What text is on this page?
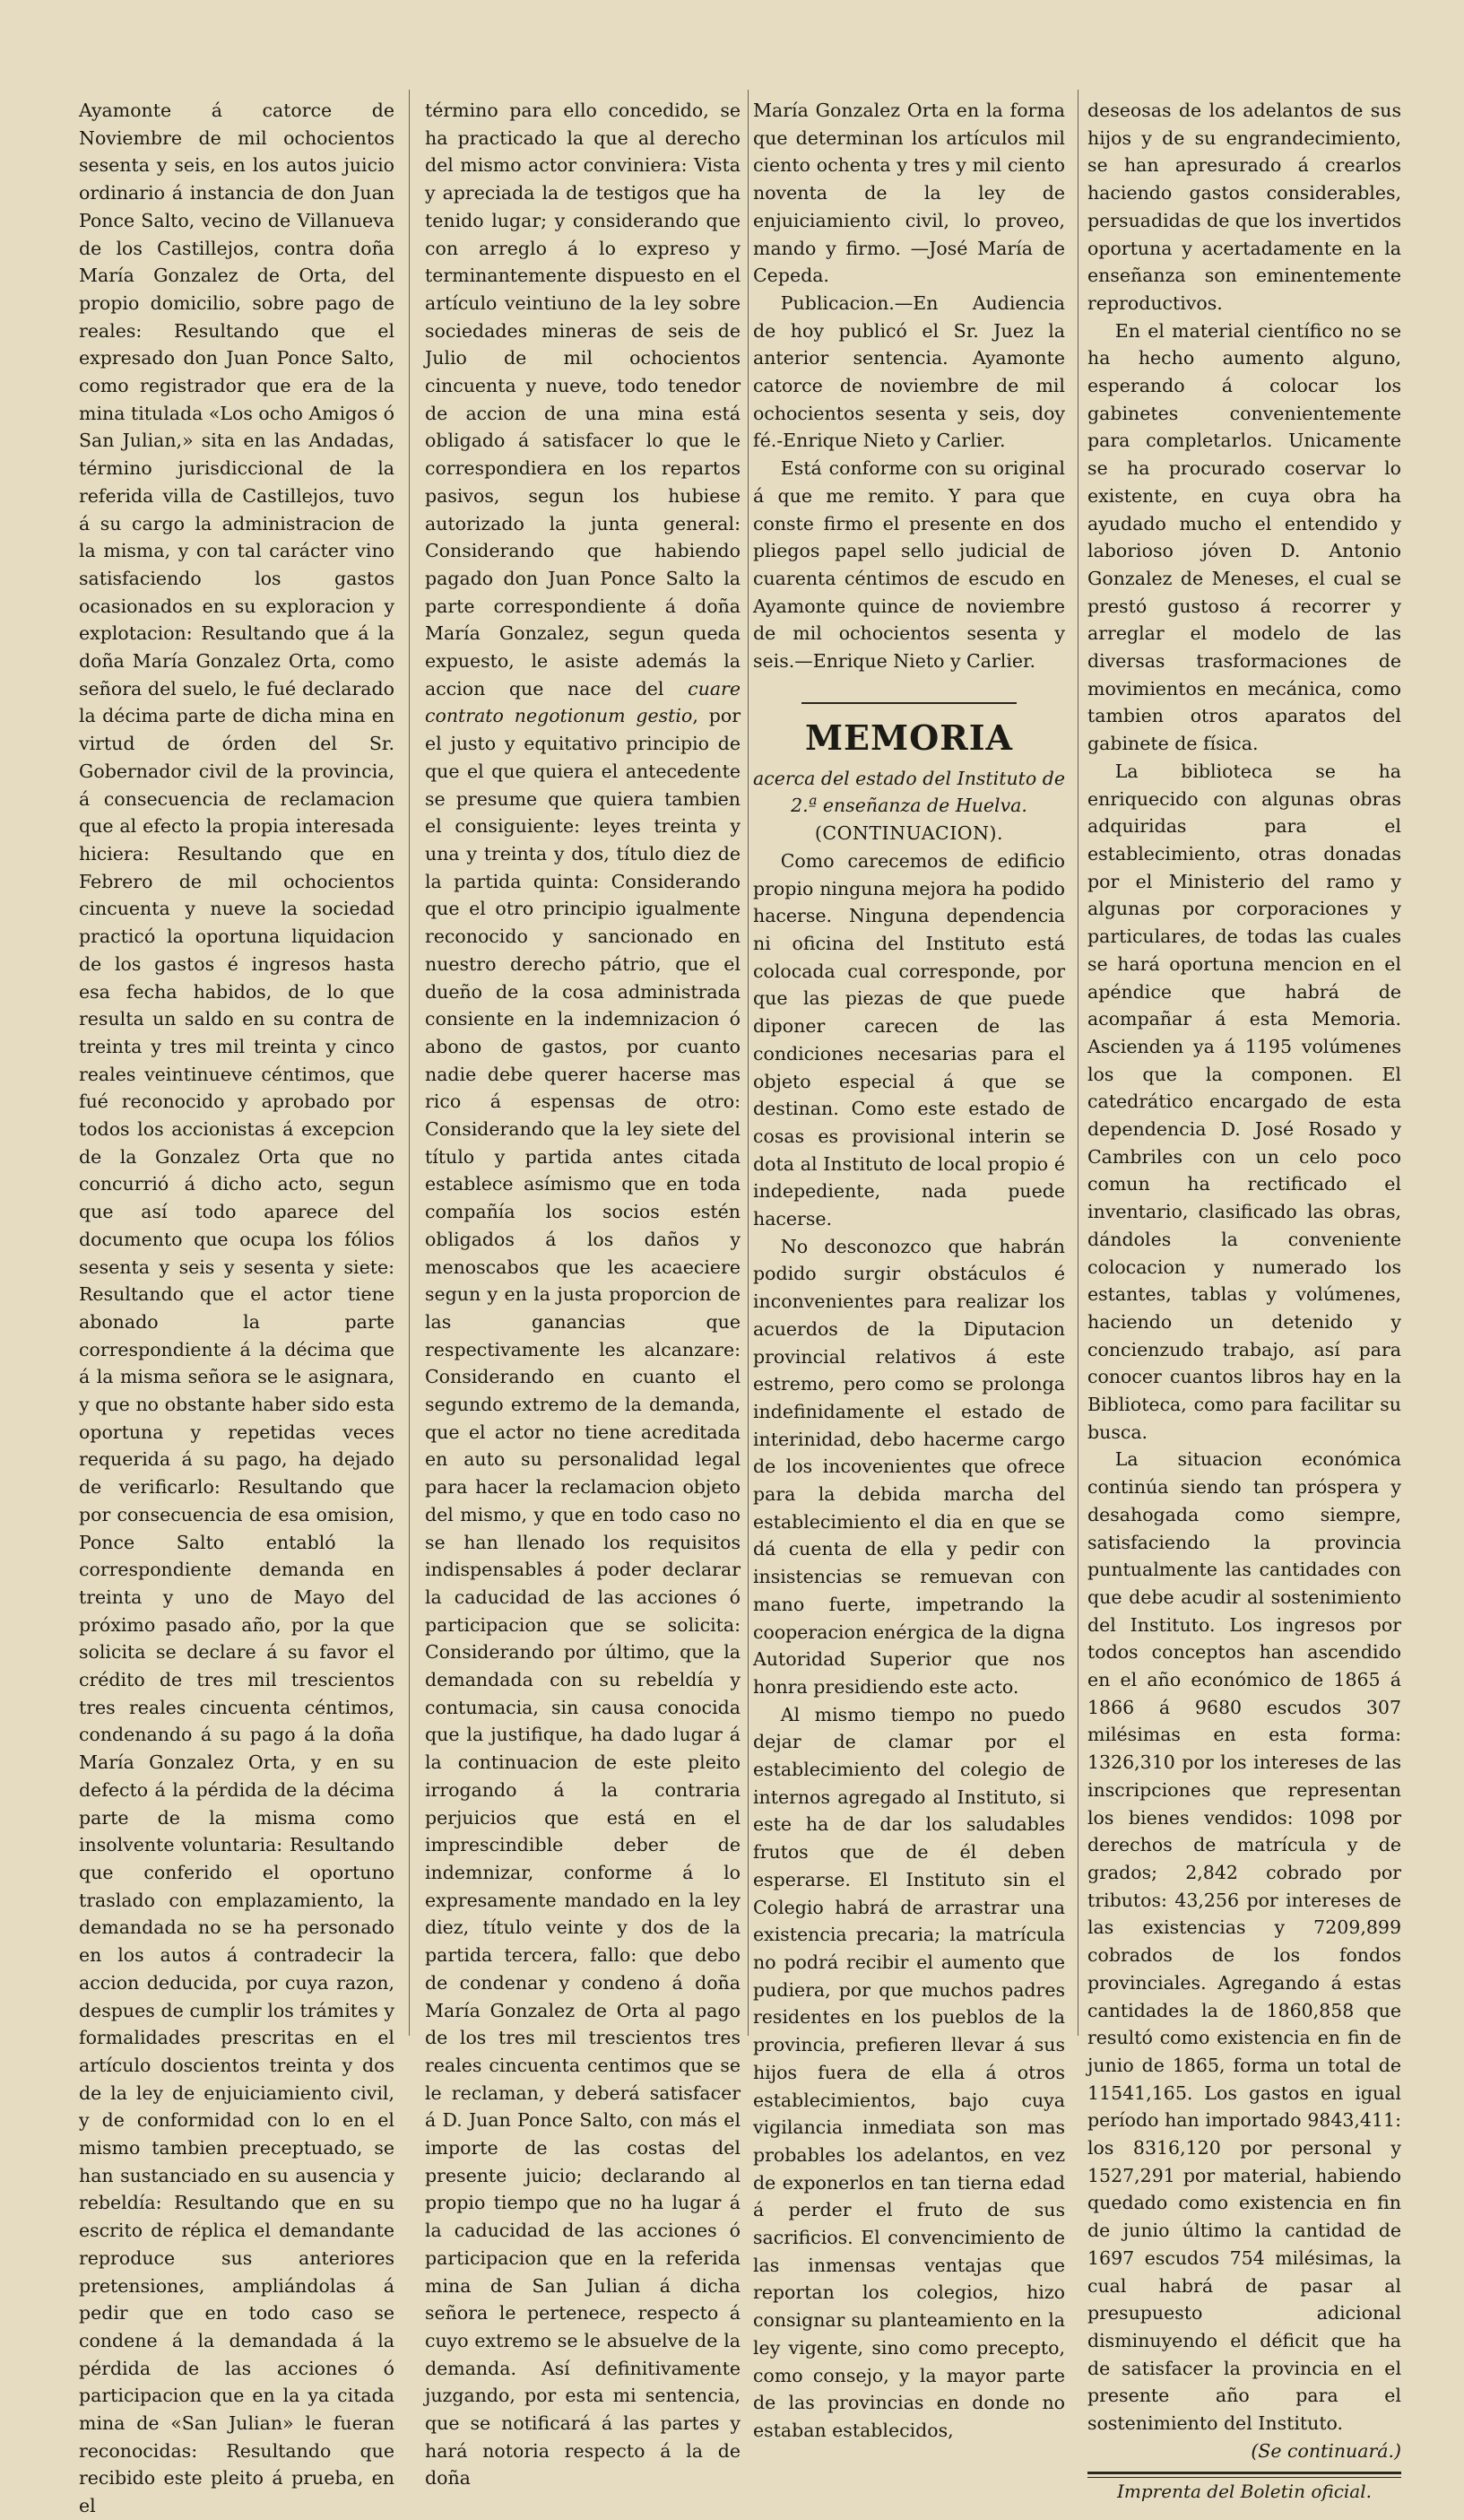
Ayamonte á catorce de Noviembre de mil ochocientos sesenta y seis, en los autos juicio ordinario á instancia de don Juan Ponce Salto, vecino de Villanueva de los Castillejos, contra doña María Gonzalez de Orta, del propio domicilio, sobre pago de reales: Resultando que el expresado don Juan Ponce Salto, como registrador que era de la mina titulada «Los ocho Amigos ó San Julian,» sita en las Andadas, término jurisdiccional de la referida villa de Castillejos, tuvo á su cargo la administracion de la misma, y con tal carácter vino satisfaciendo los gastos ocasionados en su exploracion y explotacion: Resultando que á la doña María Gonzalez Orta, como señora del suelo, le fué declarado la décima parte de dicha mina en virtud de órden del Sr. Gobernador civil de la provincia, á consecuencia de reclamacion que al efecto la propia interesada hiciera: Resultando que en Febrero de mil ochocientos cincuenta y nueve la sociedad practicó la oportuna liquidacion de los gastos é ingresos hasta esa fecha habidos, de lo que resulta un saldo en su contra de treinta y tres mil treinta y cinco reales veintinueve céntimos, que fué reconocido y aprobado por todos los accionistas á excepcion de la Gonzalez Orta que no concurrió á dicho acto, segun que así todo aparece del documento que ocupa los fólios sesenta y seis y sesenta y siete: Resultando que el actor tiene abonado la parte correspondiente á la décima que á la misma señora se le asignara, y que no obstante haber sido esta oportuna y repetidas veces requerida á su pago, ha dejado de verificarlo: Resultando que por consecuencia de esa omision, Ponce Salto entabló la correspondiente demanda en treinta y uno de Mayo del próximo pasado año, por la que solicita se declare á su favor el crédito de tres mil trescientos tres reales cincuenta céntimos, condenando á su pago á la doña María Gonzalez Orta, y en su defecto á la pérdida de la décima parte de la misma como insolvente voluntaria: Resultando que conferido el oportuno traslado con emplazamiento, la demandada no se ha personado en los autos á contradecir la accion deducida, por cuya razon, despues de cumplir los trámites y formalidades prescritas en el artículo doscientos treinta y dos de la ley de enjuiciamiento civil, y de conformidad con lo en el mismo tambien preceptuado, se han sustanciado en su ausencia y rebeldía: Resultando que en su escrito de réplica el demandante reproduce sus anteriores pretensiones, ampliándolas á pedir que en todo caso se condene á la demandada á la pérdida de las acciones ó participacion que en la ya citada mina de «San Julian» le fueran reconocidas: Resultando que recibido este pleito á prueba, en el

término para ello concedido, se ha practicado la que al derecho del mismo actor conviniera: Vista y apreciada la de testigos que ha tenido lugar; y considerando que con arreglo á lo expreso y terminantemente dispuesto en el artículo veintiuno de la ley sobre sociedades mineras de seis de Julio de mil ochocientos cincuenta y nueve, todo tenedor de accion de una mina está obligado á satisfacer lo que le correspondiera en los repartos pasivos, segun los hubiese autorizado la junta general: Considerando que habiendo pagado don Juan Ponce Salto la parte correspondiente á doña María Gonzalez, segun queda expuesto, le asiste además la accion que nace del cuare contrato negotionum gestio, por el justo y equitativo principio de que el que quiera el antecedente se presume que quiera tambien el consiguiente: leyes treinta y una y treinta y dos, título diez de la partida quinta: Considerando que el otro principio igualmente reconocido y sancionado en nuestro derecho pátrio, que el dueño de la cosa administrada consiente en la indemnizacion ó abono de gastos, por cuanto nadie debe querer hacerse mas rico á espensas de otro: Considerando que la ley siete del título y partida antes citada establece asímismo que en toda compañía los socios estén obligados á los daños y menoscabos que les acaeciere segun y en la justa proporcion de las ganancias que respectivamente les alcanzare: Considerando en cuanto el segundo extremo de la demanda, que el actor no tiene acreditada en auto su personalidad legal para hacer la reclamacion objeto del mismo, y que en todo caso no se han llenado los requisitos indispensables á poder declarar la caducidad de las acciones ó participacion que se solicita: Considerando por último, que la demandada con su rebeldía y contumacia, sin causa conocida que la justifique, ha dado lugar á la continuacion de este pleito irrogando á la contraria perjuicios que está en el imprescindible deber de indemnizar, conforme á lo expresamente mandado en la ley diez, título veinte y dos de la partida tercera, fallo: que debo de condenar y condeno á doña María Gonzalez de Orta al pago de los tres mil trescientos tres reales cincuenta centimos que se le reclaman, y deberá satisfacer á D. Juan Ponce Salto, con más el importe de las costas del presente juicio; declarando al propio tiempo que no ha lugar á la caducidad de las acciones ó participacion que en la referida mina de San Julian á dicha señora le pertenece, respecto á cuyo extremo se le absuelve de la demanda. Así definitivamente juzgando, por esta mi sentencia, que se notificará á las partes y hará notoria respecto á la de doña

María Gonzalez Orta en la forma que determinan los artículos mil ciento ochenta y tres y mil ciento noventa de la ley de enjuiciamiento civil, lo proveo, mando y firmo. —José María de Cepeda.

Publicacion.—En Audiencia de hoy publicó el Sr. Juez la anterior sentencia. Ayamonte catorce de noviembre de mil ochocientos sesenta y seis, doy fé.-Enrique Nieto y Carlier.

Está conforme con su original á que me remito. Y para que conste firmo el presente en dos pliegos papel sello judicial de cuarenta céntimos de escudo en Ayamonte quince de noviembre de mil ochocientos sesenta y seis.—Enrique Nieto y Carlier.

MEMORIA

acerca del estado del Instituto de 2.ª enseñanza de Huelva.

(CONTINUACION).

Como carecemos de edificio propio ninguna mejora ha podido hacerse. Ninguna dependencia ni oficina del Instituto está colocada cual corresponde, por que las piezas de que puede diponer carecen de las condiciones necesarias para el objeto especial á que se destinan. Como este estado de cosas es provisional interin se dota al Instituto de local propio é indepediente, nada puede hacerse.

No desconozco que habrán podido surgir obstáculos é inconvenientes para realizar los acuerdos de la Diputacion provincial relativos á este estremo, pero como se prolonga indefinidamente el estado de interinidad, debo hacerme cargo de los incovenientes que ofrece para la debida marcha del establecimiento el dia en que se dá cuenta de ella y pedir con insistencias se remuevan con mano fuerte, impetrando la cooperacion enérgica de la digna Autoridad Superior que nos honra presidiendo este acto.

Al mismo tiempo no puedo dejar de clamar por el establecimiento del colegio de internos agregado al Instituto, si este ha de dar los saludables frutos que de él deben esperarse. El Instituto sin el Colegio habrá de arrastrar una existencia precaria; la matrícula no podrá recibir el aumento que pudiera, por que muchos padres residentes en los pueblos de la provincia, prefieren llevar á sus hijos fuera de ella á otros establecimientos, bajo cuya vigilancia inmediata son mas probables los adelantos, en vez de exponerlos en tan tierna edad á perder el fruto de sus sacrificios. El convencimiento de las inmensas ventajas que reportan los colegios, hizo consignar su planteamiento en la ley vigente, sino como precepto, como consejo, y la mayor parte de las provincias en donde no estaban establecidos,

deseosas de los adelantos de sus hijos y de su engrandecimiento, se han apresurado á crearlos haciendo gastos considerables, persuadidas de que los invertidos oportuna y acertadamente en la enseñanza son eminentemente reproductivos.

En el material científico no se ha hecho aumento alguno, esperando á colocar los gabinetes convenientemente para completarlos. Unicamente se ha procurado coservar lo existente, en cuya obra ha ayudado mucho el entendido y laborioso jóven D. Antonio Gonzalez de Meneses, el cual se prestó gustoso á recorrer y arreglar el modelo de las diversas trasformaciones de movimientos en mecánica, como tambien otros aparatos del gabinete de física.

La biblioteca se ha enriquecido con algunas obras adquiridas para el establecimiento, otras donadas por el Ministerio del ramo y algunas por corporaciones y particulares, de todas las cuales se hará oportuna mencion en el apéndice que habrá de acompañar á esta Memoria. Ascienden ya á 1195 volúmenes los que la componen. El catedrático encargado de esta dependencia D. José Rosado y Cambriles con un celo poco comun ha rectificado el inventario, clasificado las obras, dándoles la conveniente colocacion y numerado los estantes, tablas y volúmenes, haciendo un detenido y concienzudo trabajo, así para conocer cuantos libros hay en la Biblioteca, como para facilitar su busca.

La situacion económica continúa siendo tan próspera y desahogada como siempre, satisfaciendo la provincia puntualmente las cantidades con que debe acudir al sostenimiento del Instituto. Los ingresos por todos conceptos han ascendido en el año económico de 1865 á 1866 á 9680 escudos 307 milésimas en esta forma: 1326,310 por los intereses de las inscripciones que representan los bienes vendidos: 1098 por derechos de matrícula y de grados; 2,842 cobrado por tributos: 43,256 por intereses de las existencias y 7209,899 cobrados de los fondos provinciales. Agregando á estas cantidades la de 1860,858 que resultó como existencia en fin de junio de 1865, forma un total de 11541,165. Los gastos en igual período han importado 9843,411: los 8316,120 por personal y 1527,291 por material, habiendo quedado como existencia en fin de junio último la cantidad de 1697 escudos 754 milésimas, la cual habrá de pasar al presupuesto adicional disminuyendo el déficit que ha de satisfacer la provincia en el presente año para el sostenimiento del Instituto.

(Se continuará.)

Imprenta del Boletin oficial.
